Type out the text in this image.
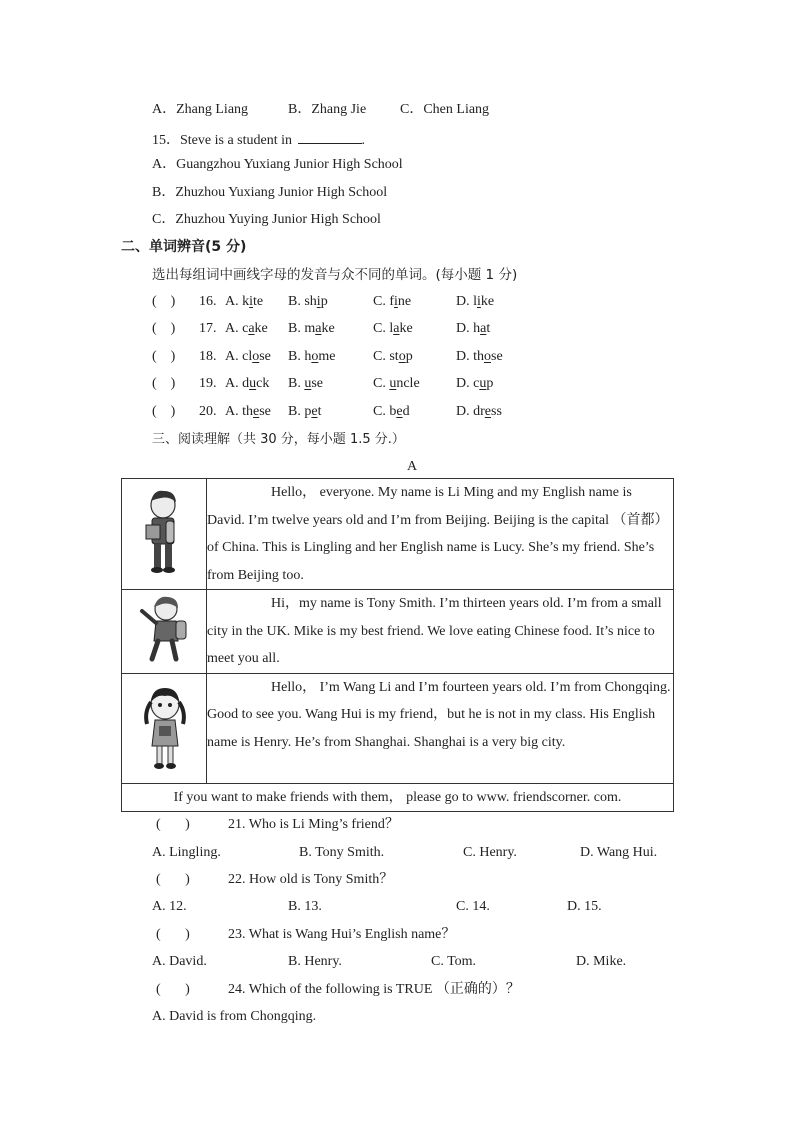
A．Zhang Liang	B．Zhang Jie C．Chen Liang
15．Steve is a student in	.
A．Guangzhou Yuxiang Junior High School
B．Zhuzhou Yuxiang Junior High School
C．Zhuzhou Yuying Junior High School
二、单词辨音(5 分)
选出每组词中画线字母的发音与众不同的单词。(每小题 1 分)
(    ) 16. A. kite B. ship	C. fine	D. like
(    ) 17. A. cake B. make	C. lake	D. hat
(    ) 18. A. close B. home	C. stop	D. those
(    ) 19. A. duck B. use	C. uncle	D. cup
(    ) 20. A. these B. pet	C. bed	D. dress
三、阅读理解（共 30 分，每小题 1.5 分.）
A

Hello， everyone. My name is Li Ming and my English name is David. I’m twelve years old and I’m from Beijing. Beijing is the capital （首都） of China. This is Lingling and her English name is Lucy. She’s my friend. She’s from Beijing too.

Hi，my name is Tony Smith. I’m thirteen years old. I’m from a small city in the UK. Mike is my best friend. We love eating Chinese food. It’s nice to meet you all.

Hello， I’m Wang Li and I’m fourteen years old. I’m from Chongqing. Good to see you. Wang Hui is my friend，but he is not in my class. His English name is Henry. He’s from Shanghai. Shanghai is a very big city.

If you want to make friends with them， please go to www. friendscorner. com.	
(       )	21. Who is Li Ming’s friend？
A. Lingling.	B. Tony Smith.	C. Henry.	D. Wang Hui.
(       )	22. How old is Tony Smith？
A. 12.	B. 13.	C. 14.	D. 15.
(       )	23. What is Wang Hui’s English name？
A. David.	B. Henry.	C. Tom.	D. Mike.
(       )	24. Which of the following is TRUE （正确的）？
A. David is from Chongqing.
